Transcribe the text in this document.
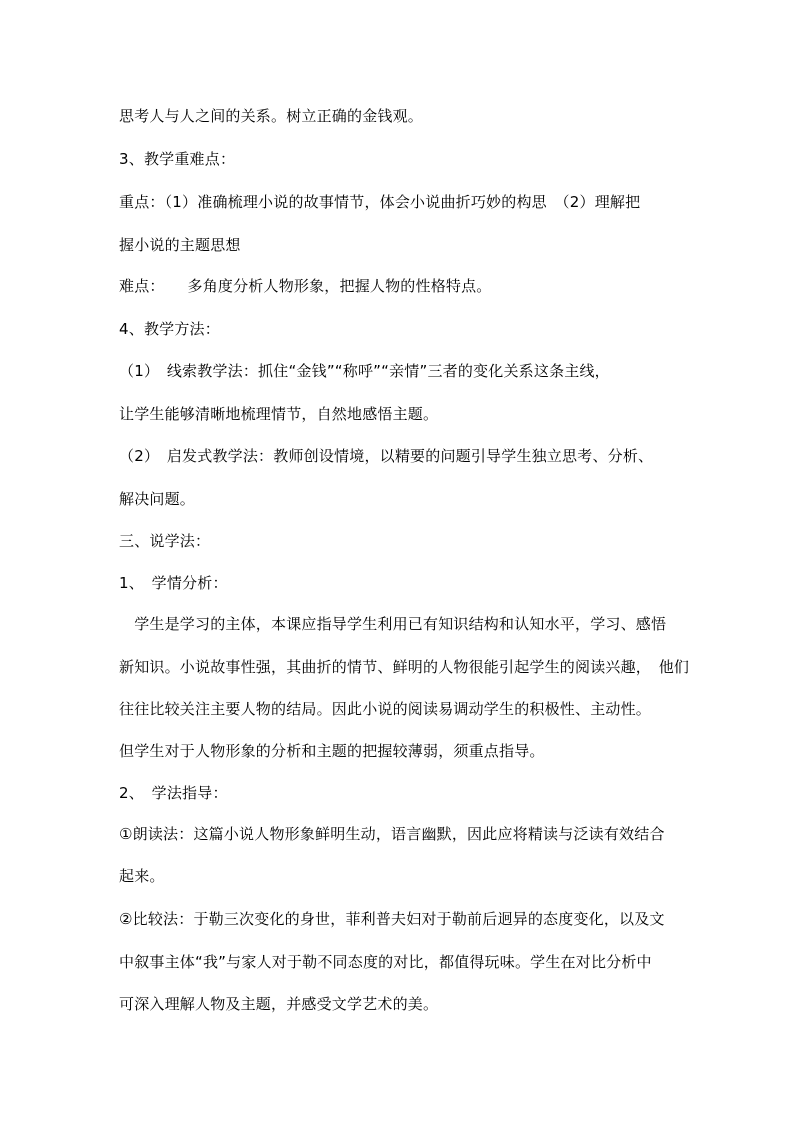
思考人与人之间的关系。树立正确的金钱观。
3、教学重难点：
重点：（1）准确梳理小说的故事情节，体会小说曲折巧妙的构思　（2）理解把
握小说的主题思想
难点：　　多角度分析人物形象，把握人物的性格特点。
4、教学方法：
（1）　线索教学法：抓住“金钱”“称呼”“亲情”三者的变化关系这条主线，
让学生能够清晰地梳理情节，自然地感悟主题。
（2）　启发式教学法：教师创设情境，以精要的问题引导学生独立思考、分析、
解决问题。
三、说学法：
1、　学情分析：
　学生是学习的主体，本课应指导学生利用已有知识结构和认知水平，学习、感悟
新知识。小说故事性强，其曲折的情节、鲜明的人物很能引起学生的阅读兴趣，　他们
往往比较关注主要人物的结局。因此小说的阅读易调动学生的积极性、主动性。
但学生对于人物形象的分析和主题的把握较薄弱，须重点指导。
2、　学法指导：
①朗读法：这篇小说人物形象鲜明生动，语言幽默，因此应将精读与泛读有效结合
起来。
②比较法：于勒三次变化的身世，菲利普夫妇对于勒前后迥异的态度变化，以及文
中叙事主体“我”与家人对于勒不同态度的对比，都值得玩味。学生在对比分析中
可深入理解人物及主题，并感受文学艺术的美。
